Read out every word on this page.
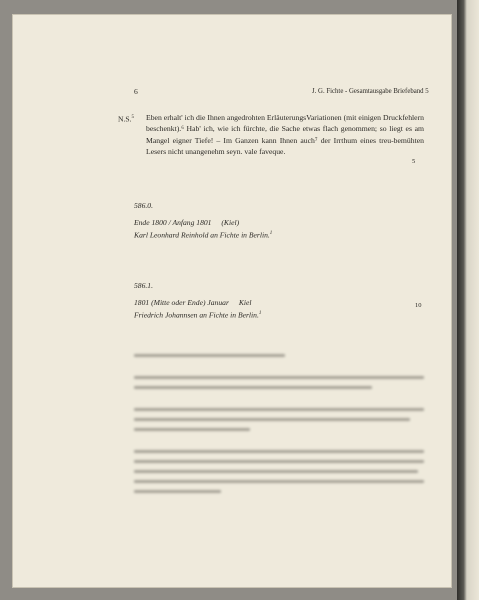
6	J. G. Fichte - Gesamtausgabe Briefeband 5
N.S.$^5$ Eben erhalt' ich die Ihnen angedrohten ErläuterungsVariationen (mit einigen Druckfehlern beschenkt).⁶ Hab' ich, wie ich fürchte, die Sache etwas flach genommen; so liegt es am Mangel eigner Tiefe! – Im Ganzen kann Ihnen auch⁷ der Irrthum eines treu-bemühten Lesers nicht unangenehm seyn. vale faveque.
5
10
586.0.
Ende 1800 / Anfang 1801 (Kiel)
Karl Leonhard Reinhold an Fichte in Berlin.$^1$
586.1.
1801 (Mitte oder Ende) Januar Kiel
Friedrich Johannsen an Fichte in Berlin.$^1$
